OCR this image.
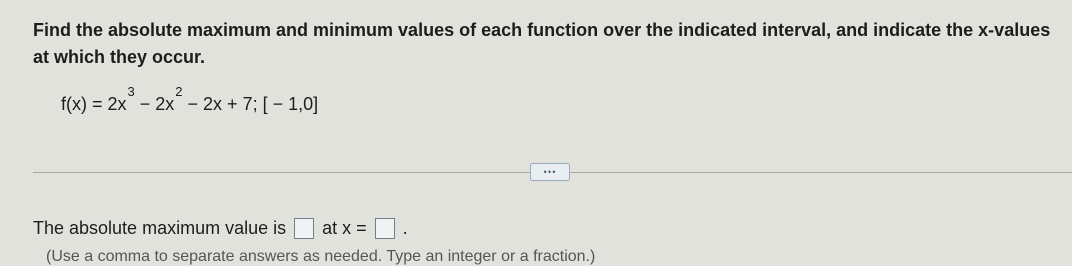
Find the absolute maximum and minimum values of each function over the indicated interval, and indicate the x-values at which they occur.
$f(x) = 2x^3 - 2x^2 - 2x + 7$; [ − 1,0]
⋯
The absolute maximum value is at x = .
(Use a comma to separate answers as needed. Type an integer or a fraction.)
